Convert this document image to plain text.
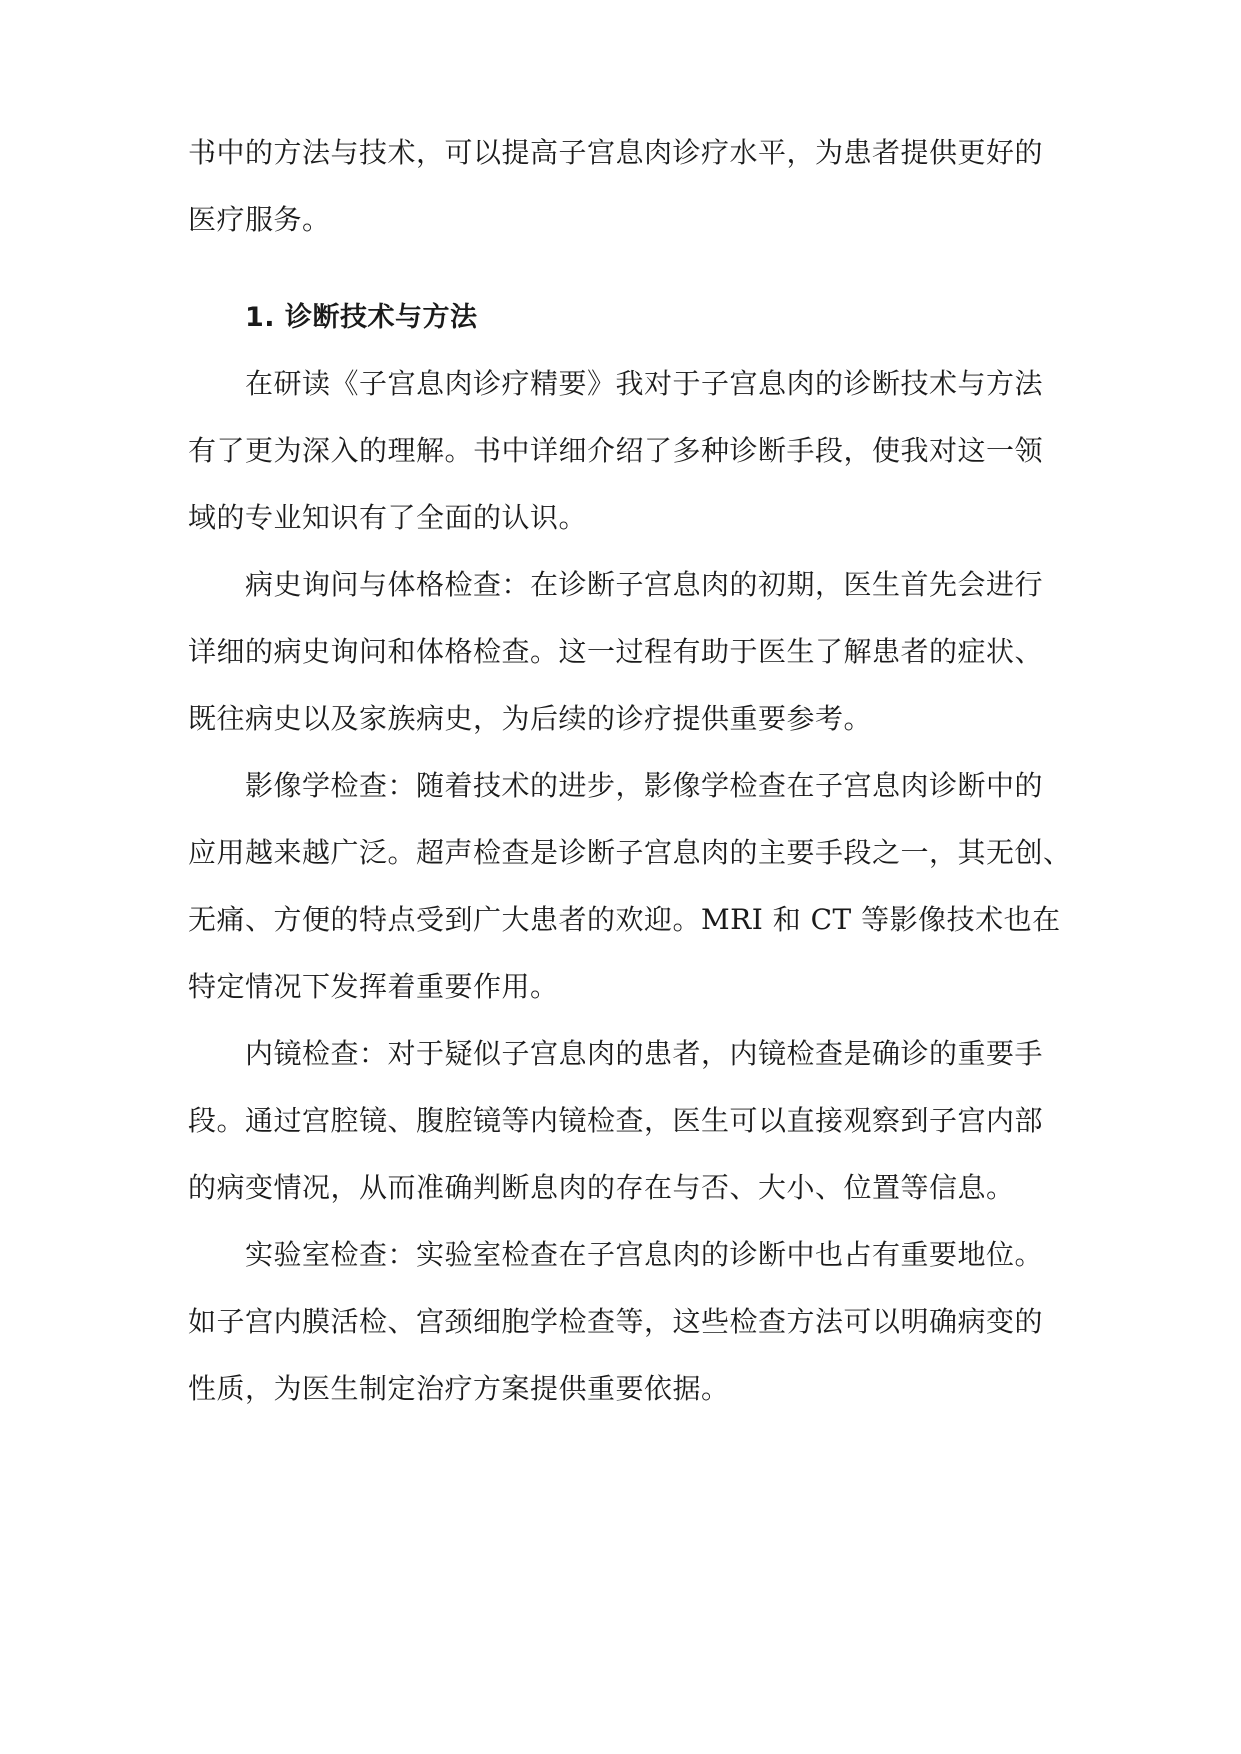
书中的方法与技术，可以提高子宫息肉诊疗水平，为患者提供更好的
医疗服务。
1. 诊断技术与方法
在研读《子宫息肉诊疗精要》我对于子宫息肉的诊断技术与方法
有了更为深入的理解。书中详细介绍了多种诊断手段，使我对这一领
域的专业知识有了全面的认识。
病史询问与体格检查：在诊断子宫息肉的初期，医生首先会进行
详细的病史询问和体格检查。这一过程有助于医生了解患者的症状、
既往病史以及家族病史，为后续的诊疗提供重要参考。
影像学检查：随着技术的进步，影像学检查在子宫息肉诊断中的
应用越来越广泛。超声检查是诊断子宫息肉的主要手段之一，其无创、
无痛、方便的特点受到广大患者的欢迎。MRI 和 CT 等影像技术也在
特定情况下发挥着重要作用。
内镜检查：对于疑似子宫息肉的患者，内镜检查是确诊的重要手
段。通过宫腔镜、腹腔镜等内镜检查，医生可以直接观察到子宫内部
的病变情况，从而准确判断息肉的存在与否、大小、位置等信息。
实验室检查：实验室检查在子宫息肉的诊断中也占有重要地位。
如子宫内膜活检、宫颈细胞学检查等，这些检查方法可以明确病变的
性质，为医生制定治疗方案提供重要依据。
